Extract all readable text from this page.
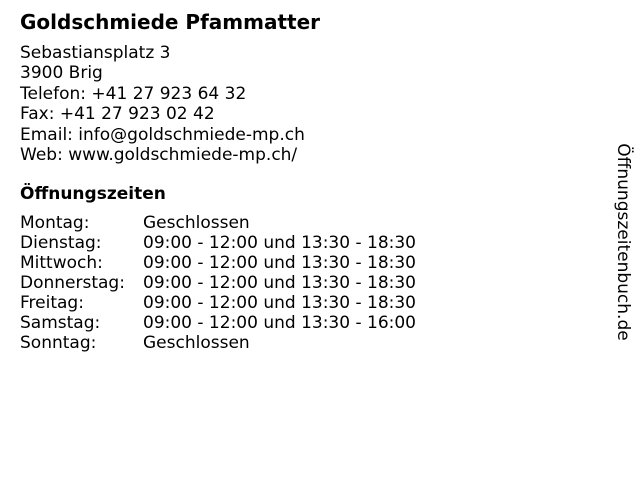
Goldschmiede Pfammatter
Sebastiansplatz 3
3900 Brig
Telefon: +41 27 923 64 32
Fax: +41 27 923 02 42
Email: info@goldschmiede-mp.ch
Web: www.goldschmiede-mp.ch/
Öffnungszeiten
Montag:	Geschlossen
Dienstag: 09:00 - 12:00 und 13:30 - 18:30
Mittwoch: 09:00 - 12:00 und 13:30 - 18:30
Donnerstag: 09:00 - 12:00 und 13:30 - 18:30
Freitag:	09:00 - 12:00 und 13:30 - 18:30
Samstag:	09:00 - 12:00 und 13:30 - 16:00
Sonntag:	Geschlossen
Öffnungszeitenbuch.de
